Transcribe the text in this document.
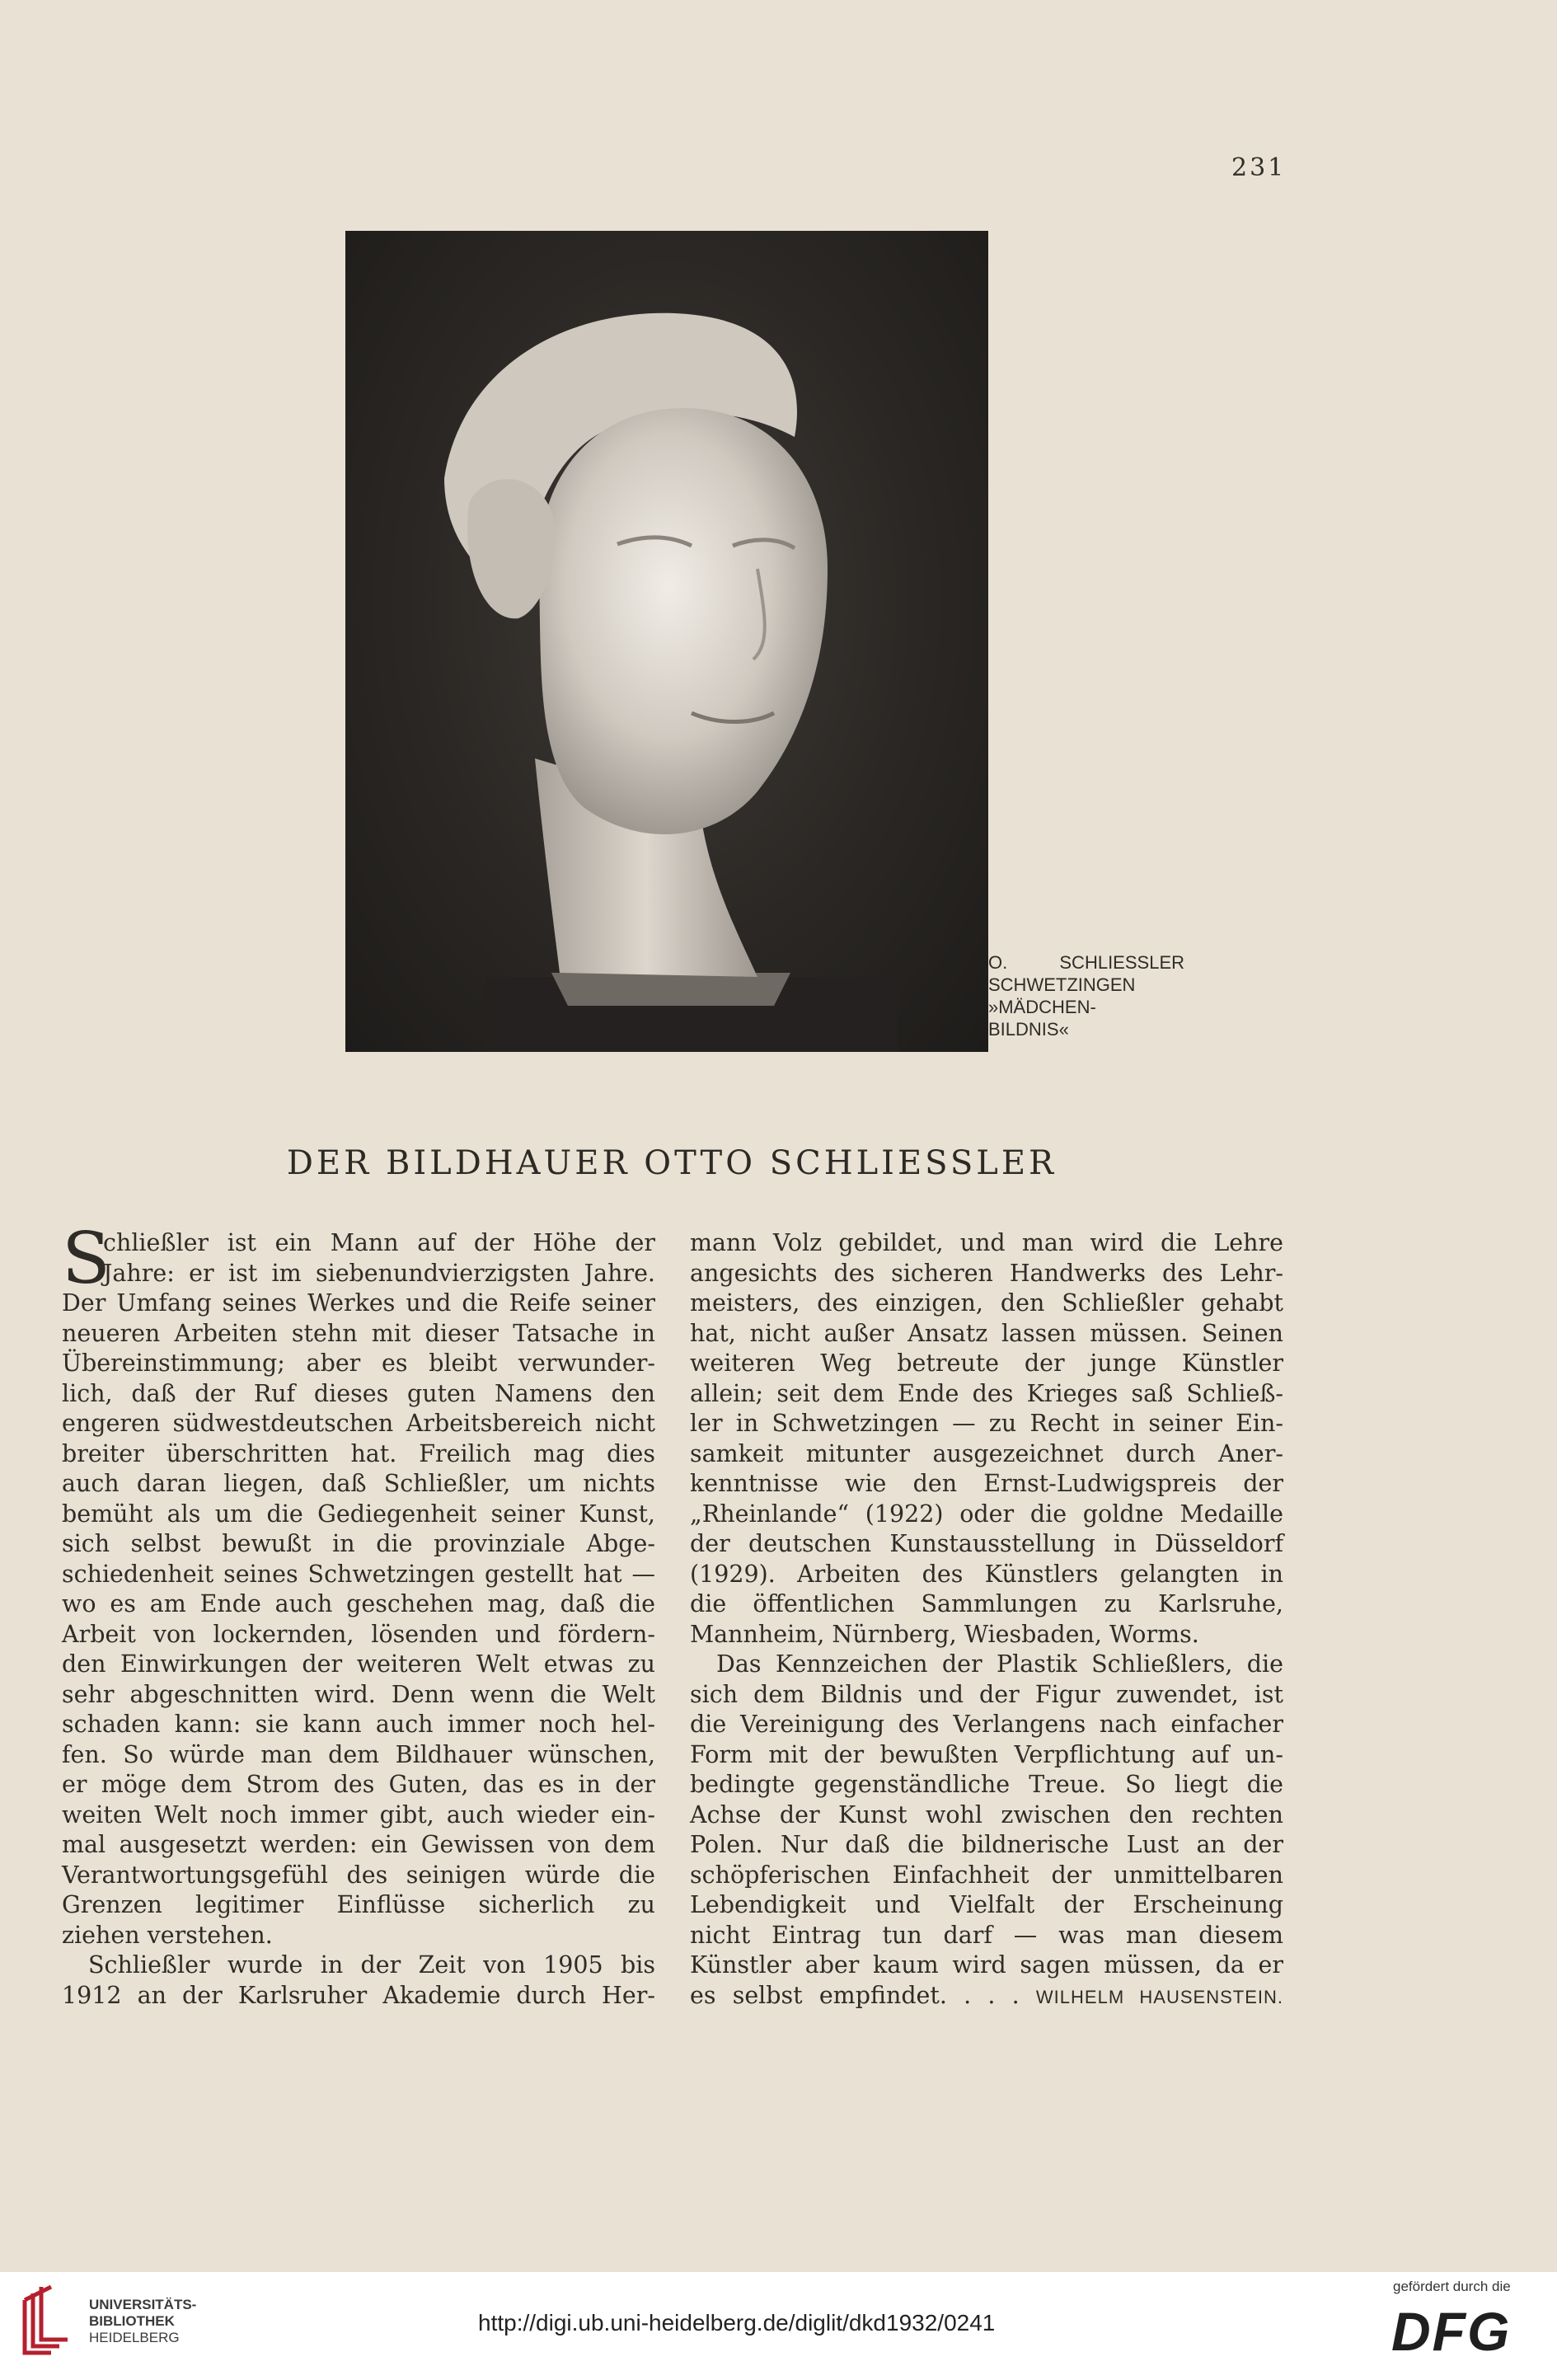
231
O. SCHLIESSLER
SCHWETZINGEN
»MÄDCHEN-
BILDNIS«
DER BILDHAUER OTTO SCHLIESSLER
S
chließler ist ein Mann auf der Höhe der
Jahre: er ist im siebenundvierzigsten Jahre.
Der Umfang seines Werkes und die Reife seiner
neueren Arbeiten stehn mit dieser Tatsache in
Übereinstimmung; aber es bleibt verwunder-
lich, daß der Ruf dieses guten Namens den
engeren südwestdeutschen Arbeitsbereich nicht
breiter überschritten hat. Freilich mag dies
auch daran liegen, daß Schließler, um nichts
bemüht als um die Gediegenheit seiner Kunst,
sich selbst bewußt in die provinziale Abge-
schiedenheit seines Schwetzingen gestellt hat —
wo es am Ende auch geschehen mag, daß die
Arbeit von lockernden, lösenden und fördern-
den Einwirkungen der weiteren Welt etwas zu
sehr abgeschnitten wird. Denn wenn die Welt
schaden kann: sie kann auch immer noch hel-
fen. So würde man dem Bildhauer wünschen,
er möge dem Strom des Guten, das es in der
weiten Welt noch immer gibt, auch wieder ein-
mal ausgesetzt werden: ein Gewissen von dem
Verantwortungsgefühl des seinigen würde die
Grenzen legitimer Einflüsse sicherlich zu
ziehen verstehen.
Schließler wurde in der Zeit von 1905 bis
1912 an der Karlsruher Akademie durch Her-
mann Volz gebildet, und man wird die Lehre
angesichts des sicheren Handwerks des Lehr-
meisters, des einzigen, den Schließler gehabt
hat, nicht außer Ansatz lassen müssen. Seinen
weiteren Weg betreute der junge Künstler
allein; seit dem Ende des Krieges saß Schließ-
ler in Schwetzingen — zu Recht in seiner Ein-
samkeit mitunter ausgezeichnet durch Aner-
kenntnisse wie den Ernst-Ludwigspreis der
„Rheinlande“ (1922) oder die goldne Medaille
der deutschen Kunstausstellung in Düsseldorf
(1929). Arbeiten des Künstlers gelangten in
die öffentlichen Sammlungen zu Karlsruhe,
Mannheim, Nürnberg, Wiesbaden, Worms.
Das Kennzeichen der Plastik Schließlers, die
sich dem Bildnis und der Figur zuwendet, ist
die Vereinigung des Verlangens nach einfacher
Form mit der bewußten Verpflichtung auf un-
bedingte gegenständliche Treue. So liegt die
Achse der Kunst wohl zwischen den rechten
Polen. Nur daß die bildnerische Lust an der
schöpferischen Einfachheit der unmittelbaren
Lebendigkeit und Vielfalt der Erscheinung
nicht Eintrag tun darf — was man diesem
Künstler aber kaum wird sagen müssen, da er
es selbst empfindet. . . . WILHELM HAUSENSTEIN.
UNIVERSITÄTS-
BIBLIOTHEK
HEIDELBERG
http://digi.ub.uni-heidelberg.de/diglit/dkd1932/0241
gefördert durch die
DFG
